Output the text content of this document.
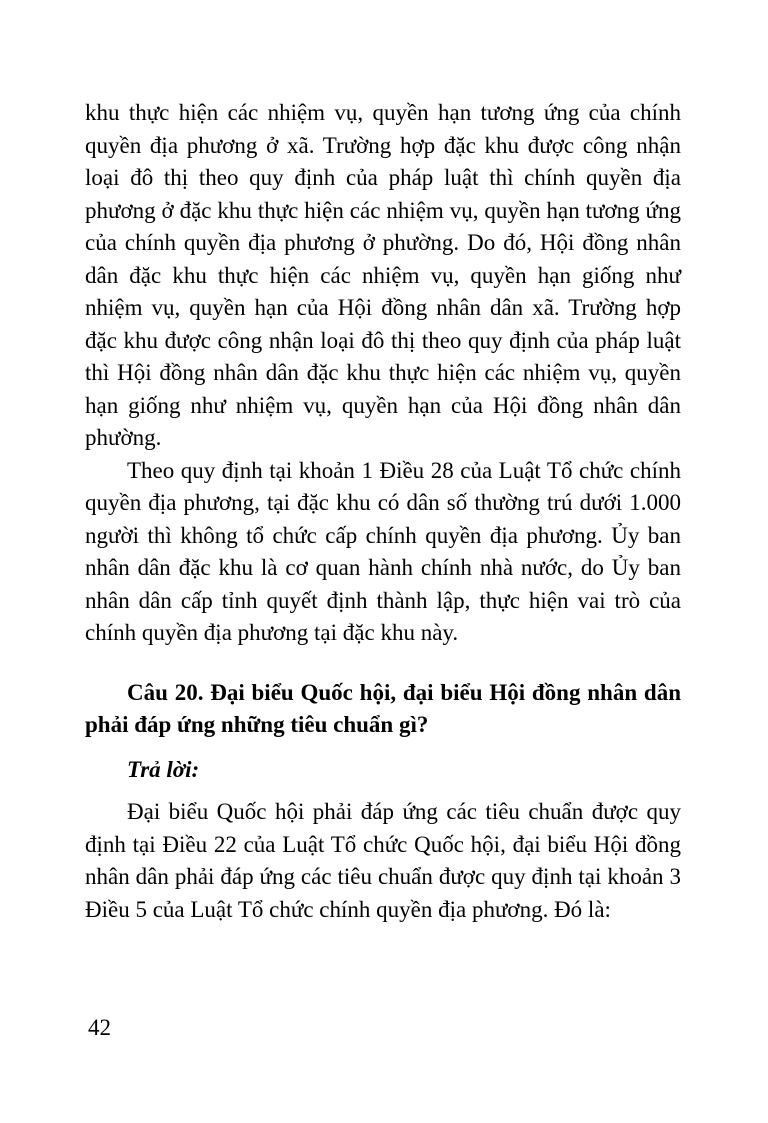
khu thực hiện các nhiệm vụ, quyền hạn tương ứng của chính quyền địa phương ở xã. Trường hợp đặc khu được công nhận loại đô thị theo quy định của pháp luật thì chính quyền địa phương ở đặc khu thực hiện các nhiệm vụ, quyền hạn tương ứng của chính quyền địa phương ở phường. Do đó, Hội đồng nhân dân đặc khu thực hiện các nhiệm vụ, quyền hạn giống như nhiệm vụ, quyền hạn của Hội đồng nhân dân xã. Trường hợp đặc khu được công nhận loại đô thị theo quy định của pháp luật thì Hội đồng nhân dân đặc khu thực hiện các nhiệm vụ, quyền hạn giống như nhiệm vụ, quyền hạn của Hội đồng nhân dân phường.

Theo quy định tại khoản 1 Điều 28 của Luật Tổ chức chính quyền địa phương, tại đặc khu có dân số thường trú dưới 1.000 người thì không tổ chức cấp chính quyền địa phương. Ủy ban nhân dân đặc khu là cơ quan hành chính nhà nước, do Ủy ban nhân dân cấp tỉnh quyết định thành lập, thực hiện vai trò của chính quyền địa phương tại đặc khu này.

Câu 20. Đại biểu Quốc hội, đại biểu Hội đồng nhân dân phải đáp ứng những tiêu chuẩn gì?

Trả lời:

Đại biểu Quốc hội phải đáp ứng các tiêu chuẩn được quy định tại Điều 22 của Luật Tổ chức Quốc hội, đại biểu Hội đồng nhân dân phải đáp ứng các tiêu chuẩn được quy định tại khoản 3 Điều 5 của Luật Tổ chức chính quyền địa phương. Đó là:

42
